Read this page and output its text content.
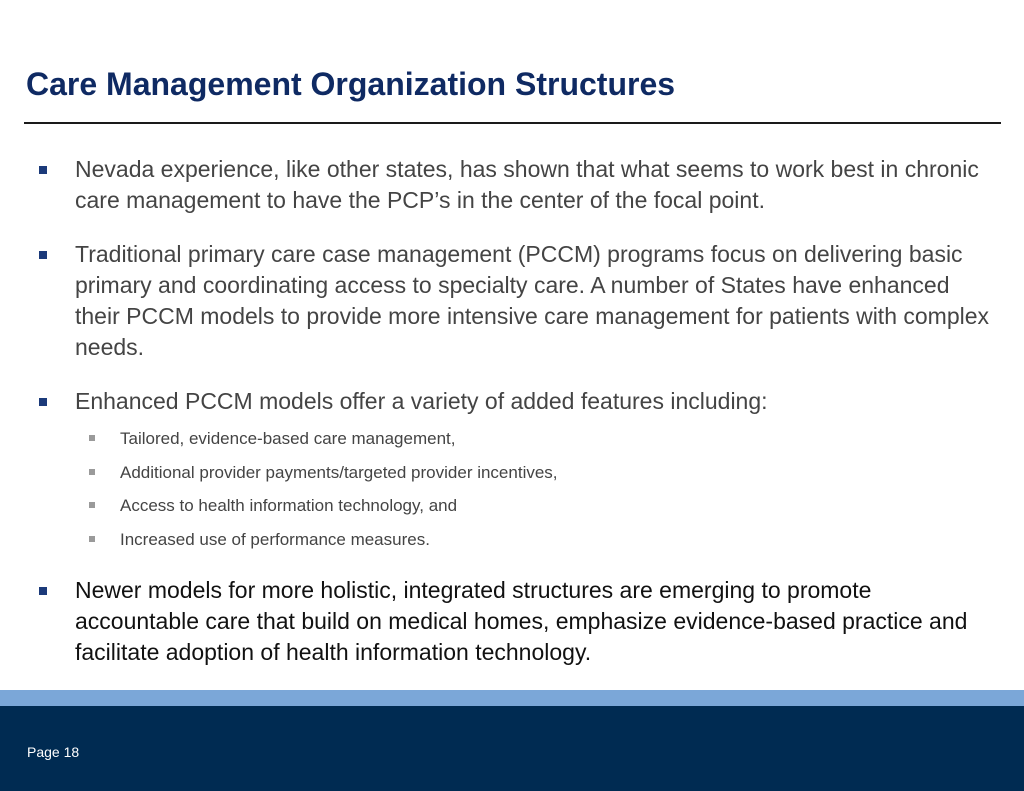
Care Management Organization Structures
Nevada experience, like other states, has shown that what seems to work best in chronic care management to have the PCP’s in the center of the focal point.
Traditional primary care case management (PCCM) programs focus on delivering basic primary and coordinating access to specialty care. A number of States have enhanced their PCCM models to provide more intensive care management for patients with complex needs.
Enhanced PCCM models offer a variety of added features including:
Tailored, evidence-based care management,
Additional provider payments/targeted provider incentives,
Access to health information technology, and
Increased use of performance measures.
Newer models for more holistic, integrated structures are emerging to promote accountable care that build on medical homes, emphasize evidence-based practice and facilitate adoption of health information technology.
Page 18
